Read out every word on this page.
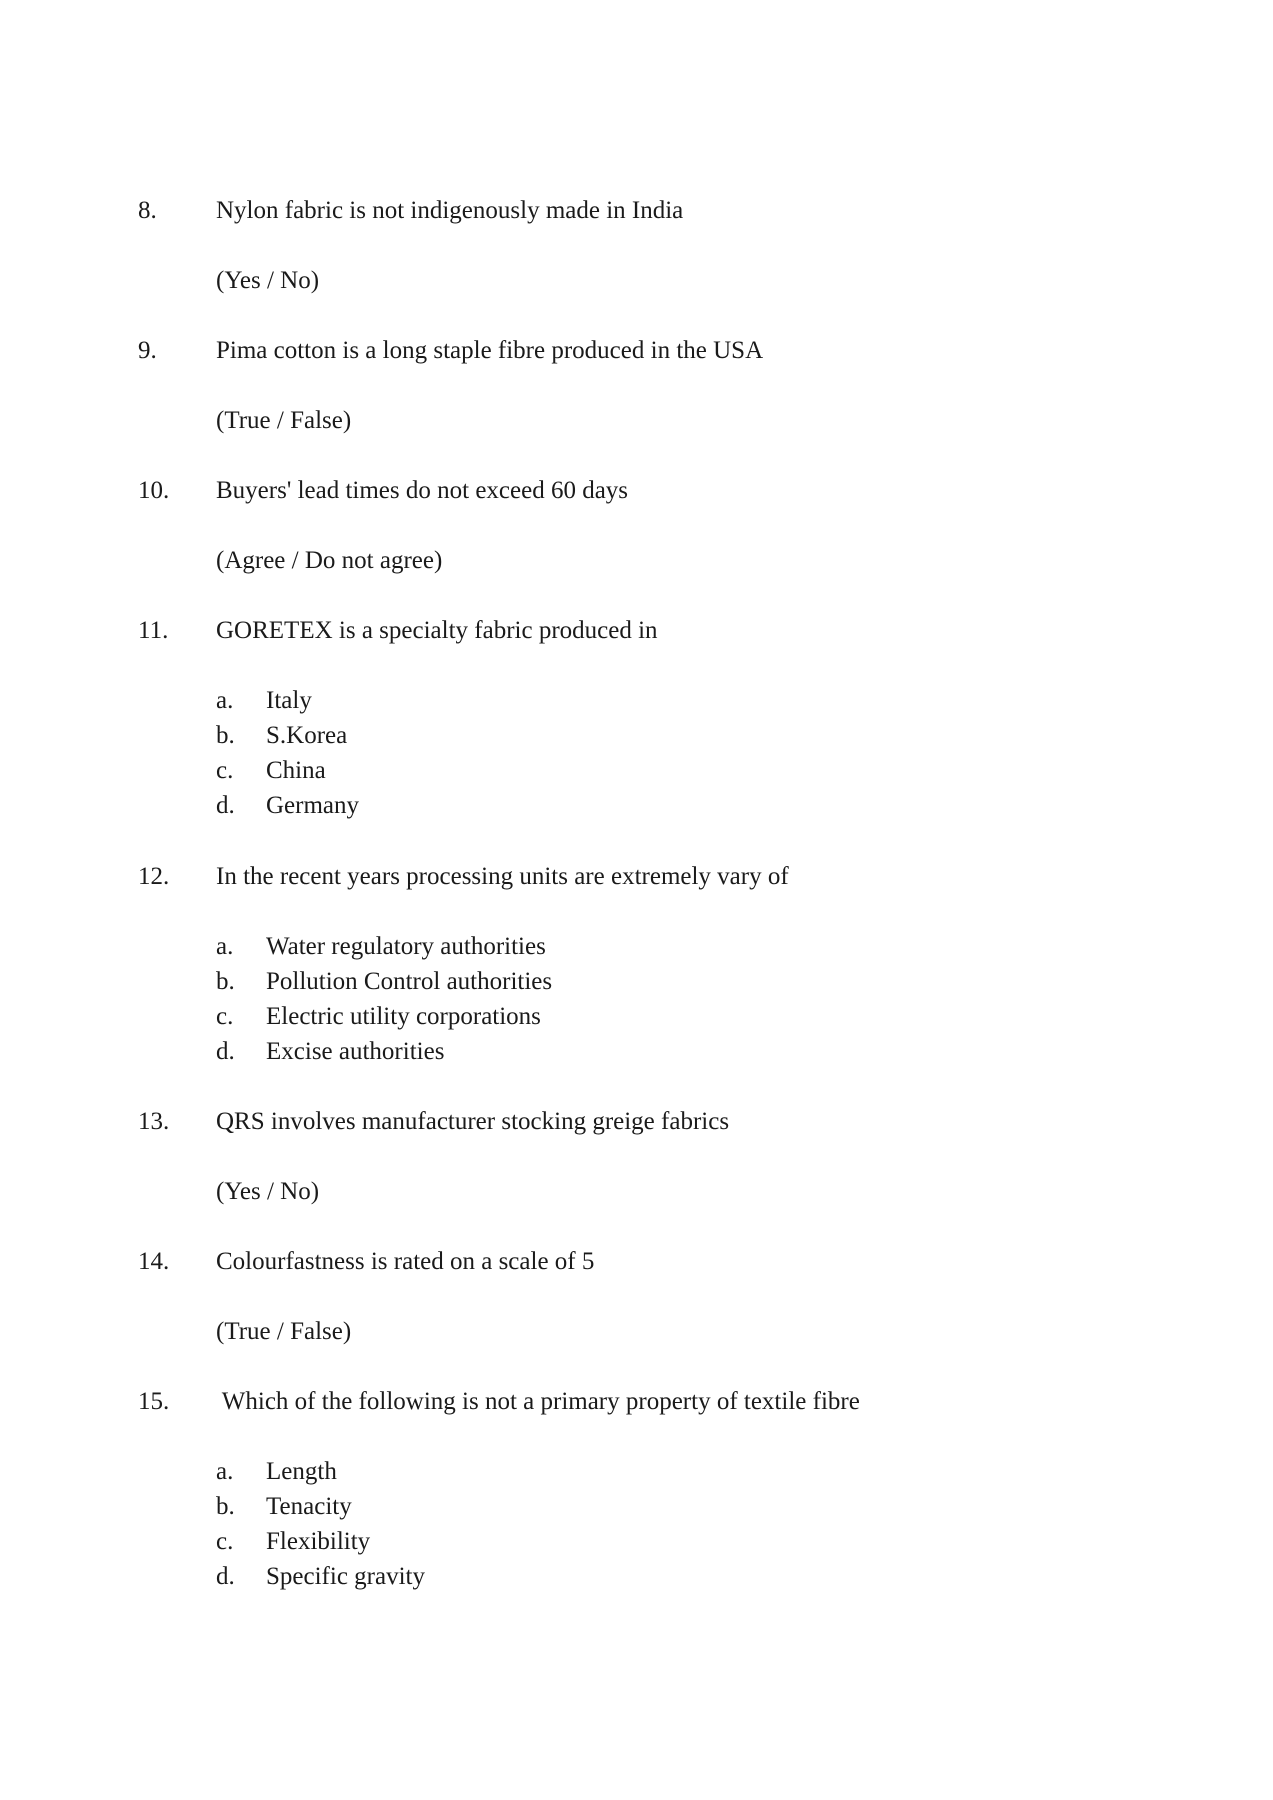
8. Nylon fabric is not indigenously made in India
(Yes / No)
9. Pima cotton is a long staple fibre produced in the USA
(True / False)
10. Buyers' lead times do not exceed 60 days
(Agree / Do not agree)
11. GORETEX is a specialty fabric produced in
a. Italy
b. S.Korea
c. China
d. Germany
12. In the recent years processing units are extremely vary of
a. Water regulatory authorities
b. Pollution Control authorities
c. Electric utility corporations
d. Excise authorities
13. QRS involves manufacturer stocking greige fabrics
(Yes / No)
14. Colourfastness is rated on a scale of 5
(True / False)
15. Which of the following is not a primary property of textile fibre
a. Length
b. Tenacity
c. Flexibility
d. Specific gravity
